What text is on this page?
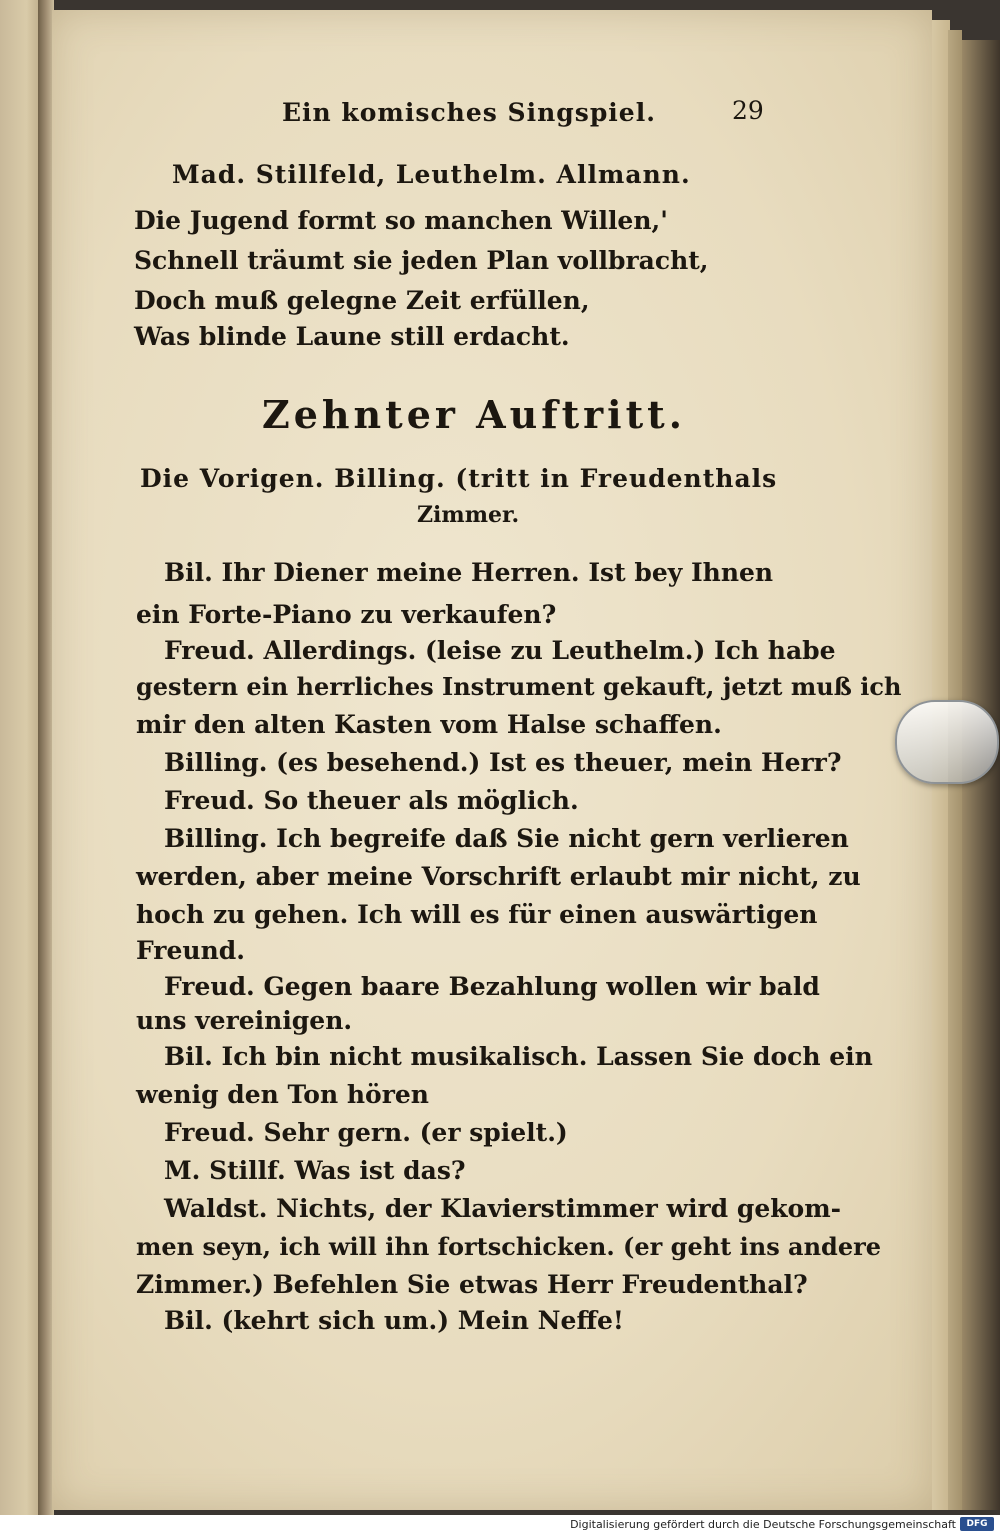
Ein komisches Singspiel.	29
Mad. Stillfeld, Leuthelm. Allmann.
Die Jugend formt so manchen Willen,'
Schnell träumt sie jeden Plan vollbracht,
Doch muß gelegne Zeit erfüllen,
Was blinde Laune still erdacht.
Zehnter Auftritt.
Die Vorigen. Billing. (tritt in Freudenthals
Zimmer.
Bil. Ihr Diener meine Herren. Ist bey Ihnen
ein Forte-Piano zu verkaufen?
Freud. Allerdings. (leise zu Leuthelm.) Ich habe
gestern ein herrliches Instrument gekauft, jetzt muß ich
mir den alten Kasten vom Halse schaffen.
Billing. (es besehend.) Ist es theuer, mein Herr?
Freud. So theuer als möglich.
Billing. Ich begreife daß Sie nicht gern verlieren
werden, aber meine Vorschrift erlaubt mir nicht, zu
hoch zu gehen. Ich will es für einen auswärtigen
Freund.
Freud. Gegen baare Bezahlung wollen wir bald
uns vereinigen.
Bil. Ich bin nicht musikalisch. Lassen Sie doch ein
wenig den Ton hören
Freud. Sehr gern. (er spielt.)
M. Stillf. Was ist das?
Waldst. Nichts, der Klavierstimmer wird gekom-
men seyn, ich will ihn fortschicken. (er geht ins andere
Zimmer.) Befehlen Sie etwas Herr Freudenthal?
Bil. (kehrt sich um.) Mein Neffe!
Digitalisierung gefördert durch die Deutsche Forschungsgemeinschaft	DFG
